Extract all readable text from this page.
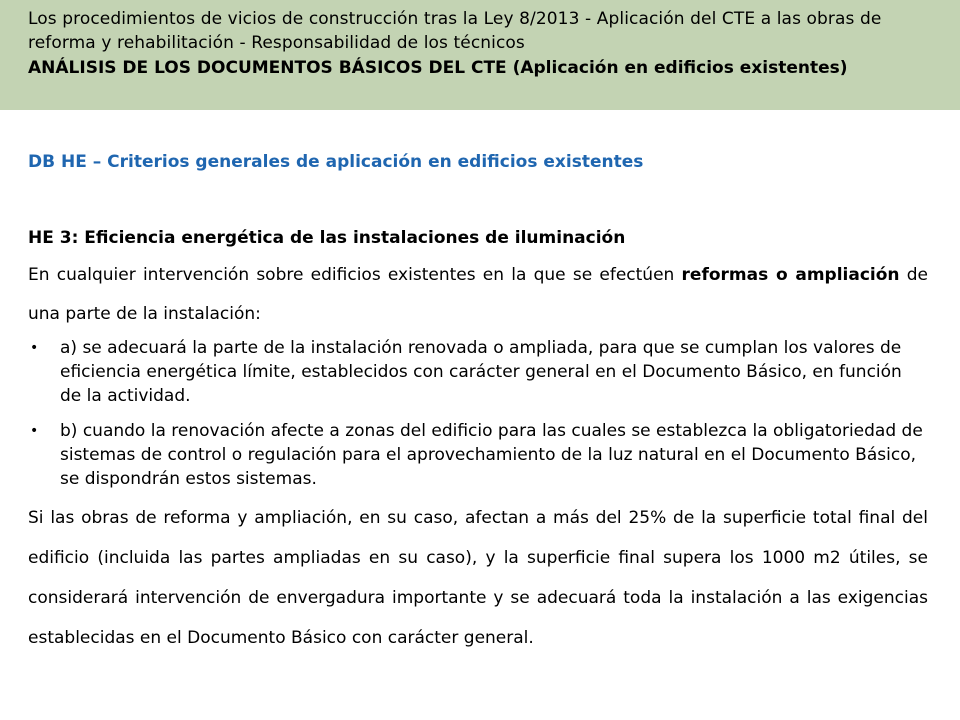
Los procedimientos de vicios de construcción tras la Ley 8/2013 - Aplicación del CTE a las obras de
reforma y rehabilitación - Responsabilidad de los técnicos
ANÁLISIS DE LOS DOCUMENTOS BÁSICOS DEL CTE (Aplicación en edificios existentes)
DB HE – Criterios generales de aplicación en edificios existentes
HE 3: Eficiencia energética de las instalaciones de iluminación

En cualquier intervención sobre edificios existentes en la que se efectúen reformas o ampliación de una parte de la instalación:

• a) se adecuará la parte de la instalación renovada o ampliada, para que se cumplan los valores de eficiencia energética límite, establecidos con carácter general en el Documento Básico, en función de la actividad.
• b) cuando la renovación afecte a zonas del edificio para las cuales se establezca la obligatoriedad de sistemas de control o regulación para el aprovechamiento de la luz natural en el Documento Básico, se dispondrán estos sistemas.

Si las obras de reforma y ampliación, en su caso, afectan a más del 25% de la superficie total final del edificio (incluida las partes ampliadas en su caso), y la superficie final supera los 1000 m2 útiles, se considerará intervención de envergadura importante y se adecuará toda la instalación a las exigencias establecidas en el Documento Básico con carácter general.
